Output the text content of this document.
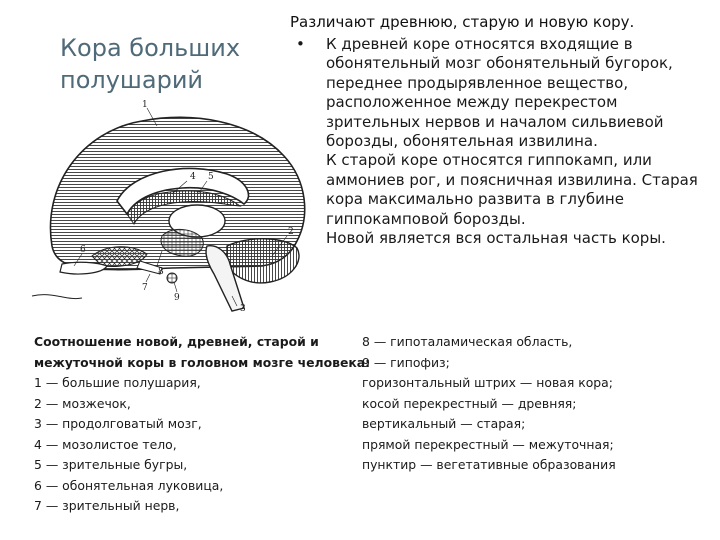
Кора больших полушарий
1
2
3
4 5
6
7
8
9

Различают древнюю, старую и новую кору.

• К древней коре относятся входящие в обонятельный мозг обонятельный бугорок, переднее продырявленное вещество, расположенное между перекрестом зрительных нервов и началом сильвиевой борозды, обонятельная извилина.

К старой коре относятся гиппокамп, или аммониев рог, и поясничная извилина. Старая кора максимально развита в глубине гиппокамповой борозды.

Новой является вся остальная часть коры.

Соотношение новой, древней, старой и
межуточной коры в головном мозге человека:
1 — большие полушария,
2 — мозжечок,
3 — продолговатый мозг,
4 — мозолистое тело,
5 — зрительные бугры,
6 — обонятельная луковица,
7 — зрительный нерв,
8 — гипоталамическая область,
9 — гипофиз;
горизонтальный штрих — новая кора;
косой перекрестный — древняя;
вертикальный — старая;
прямой перекрестный — межуточная;
пунктир — вегетативные образования
